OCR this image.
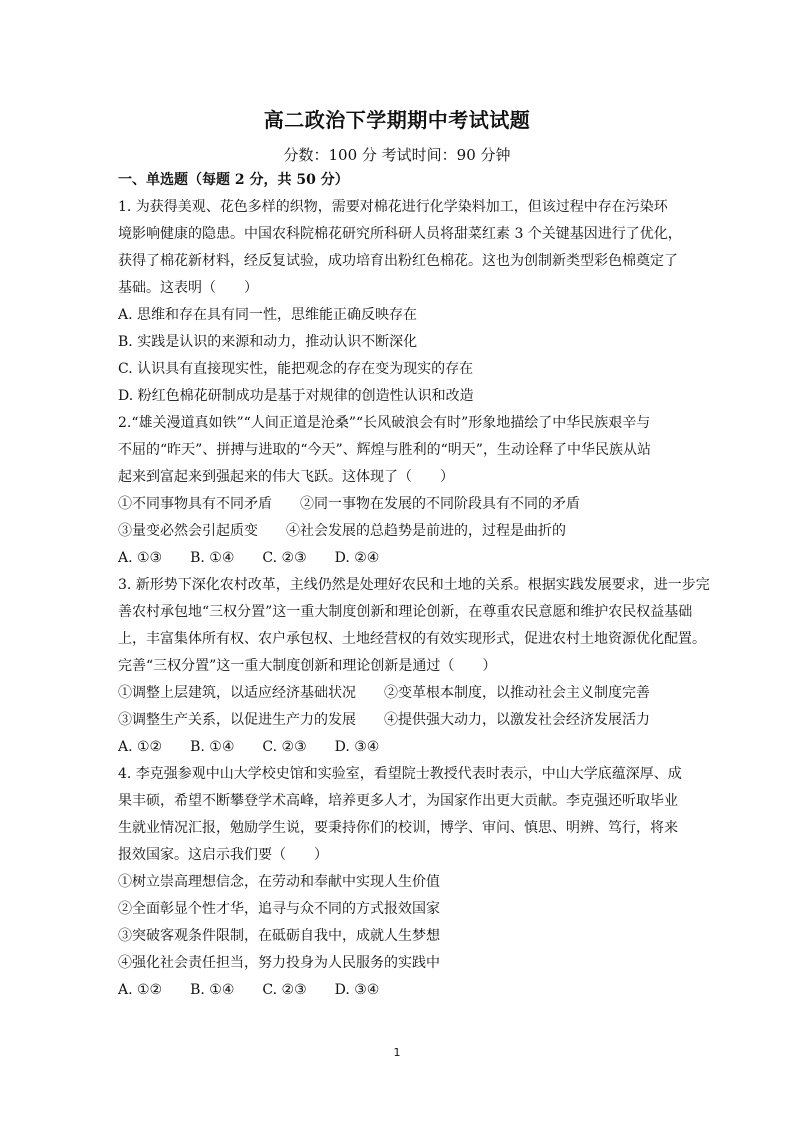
高二政治下学期期中考试试题
分数：100 分 考试时间：90 分钟
一、单选题（每题 2 分，共 50 分）
1. 为获得美观、花色多样的织物，需要对棉花进行化学染料加工，但该过程中存在污染环
境影响健康的隐患。中国农科院棉花研究所科研人员将甜菜红素 3 个关键基因进行了优化，
获得了棉花新材料，经反复试验，成功培育出粉红色棉花。这也为创制新类型彩色棉奠定了
基础。这表明（　　）
A. 思维和存在具有同一性，思维能正确反映存在
B. 实践是认识的来源和动力，推动认识不断深化
C. 认识具有直接现实性，能把观念的存在变为现实的存在
D. 粉红色棉花研制成功是基于对规律的创造性认识和改造
2.“雄关漫道真如铁”“人间正道是沧桑”“长风破浪会有时”形象地描绘了中华民族艰辛与
不屈的“昨天”、拼搏与进取的“今天”、辉煌与胜利的“明天”，生动诠释了中华民族从站
起来到富起来到强起来的伟大飞跃。这体现了（　　）
①不同事物具有不同矛盾　　②同一事物在发展的不同阶段具有不同的矛盾
③量变必然会引起质变　　④社会发展的总趋势是前进的，过程是曲折的
A. ①③　　B. ①④　　C. ②③　　D. ②④
3. 新形势下深化农村改革，主线仍然是处理好农民和土地的关系。根据实践发展要求，进一步完
善农村承包地“三权分置”这一重大制度创新和理论创新，在尊重农民意愿和维护农民权益基础
上，丰富集体所有权、农户承包权、土地经营权的有效实现形式，促进农村土地资源优化配置。
完善“三权分置”这一重大制度创新和理论创新是通过（　　）
①调整上层建筑，以适应经济基础状况　　②变革根本制度，以推动社会主义制度完善
③调整生产关系，以促进生产力的发展　　④提供强大动力，以激发社会经济发展活力
A. ①②　　B. ①④　　C. ②③　　D. ③④
4. 李克强参观中山大学校史馆和实验室，看望院士教授代表时表示，中山大学底蕴深厚、成
果丰硕，希望不断攀登学术高峰，培养更多人才，为国家作出更大贡献。李克强还听取毕业
生就业情况汇报，勉励学生说，要秉持你们的校训，博学、审问、慎思、明辨、笃行，将来
报效国家。这启示我们要（　　）
①树立崇高理想信念，在劳动和奉献中实现人生价值
②全面彰显个性才华，追寻与众不同的方式报效国家
③突破客观条件限制，在砥砺自我中，成就人生梦想
④强化社会责任担当，努力投身为人民服务的实践中
A. ①②　　B. ①④　　C. ②③　　D. ③④
1
